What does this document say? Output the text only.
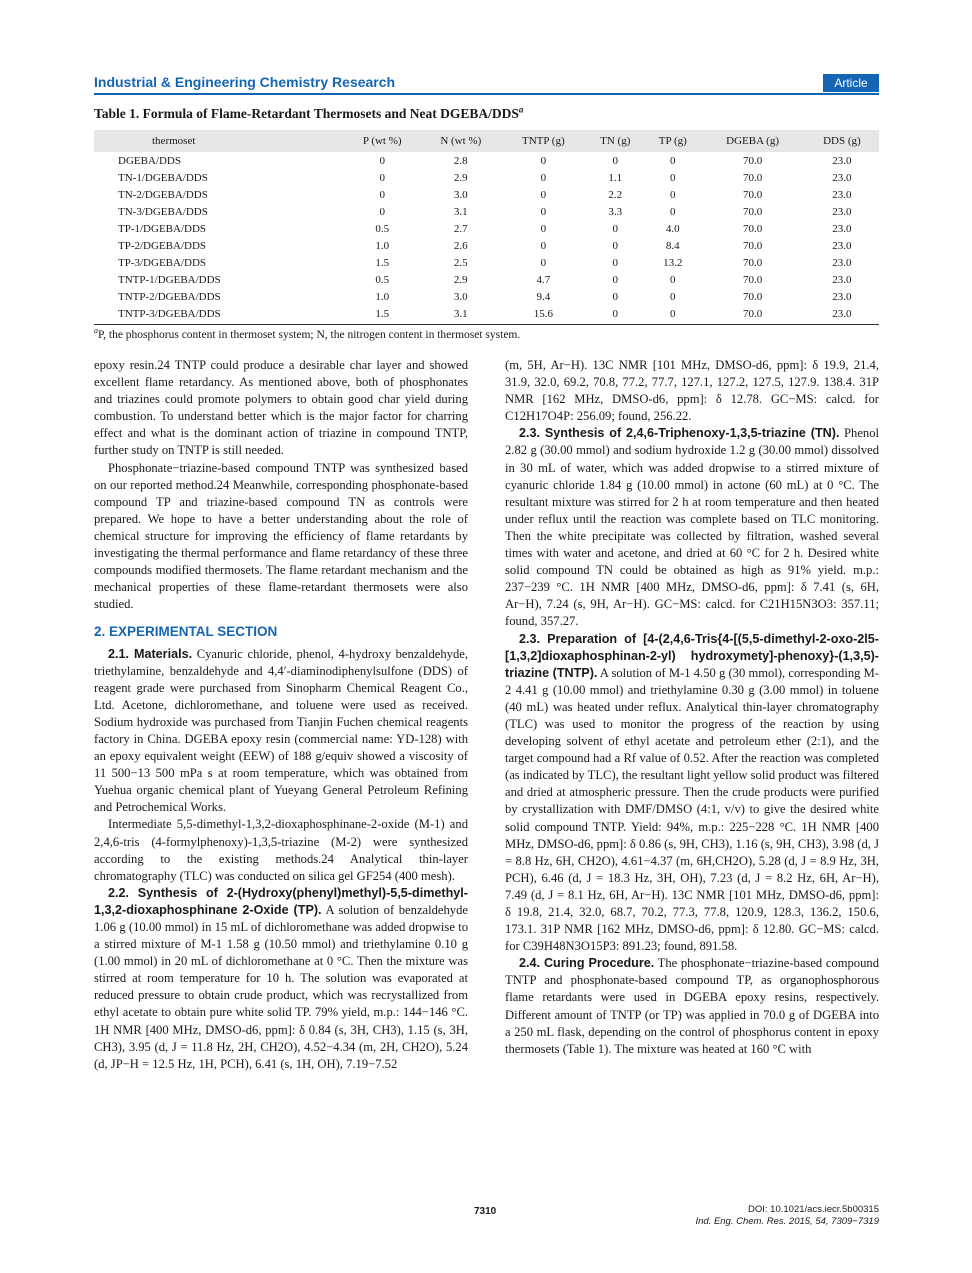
Industrial & Engineering Chemistry Research	Article
Table 1. Formula of Flame-Retardant Thermosets and Neat DGEBA/DDS$^a$
thermoset	P (wt %)	N (wt %)	TNTP (g)	TN (g)	TP (g)	DGEBA (g)	DDS (g)
DGEBA/DDS	0	2.8	0	0	0	70.0	23.0
TN-1/DGEBA/DDS	0	2.9	0	1.1	0	70.0	23.0
TN-2/DGEBA/DDS	0	3.0	0	2.2	0	70.0	23.0
TN-3/DGEBA/DDS	0	3.1	0	3.3	0	70.0	23.0
TP-1/DGEBA/DDS	0.5	2.7	0	0	4.0	70.0	23.0
TP-2/DGEBA/DDS	1.0	2.6	0	0	8.4	70.0	23.0
TP-3/DGEBA/DDS	1.5	2.5	0	0	13.2	70.0	23.0
TNTP-1/DGEBA/DDS	0.5	2.9	4.7	0	0	70.0	23.0
TNTP-2/DGEBA/DDS	1.0	3.0	9.4	0	0	70.0	23.0
TNTP-3/DGEBA/DDS	1.5	3.1	15.6	0	0	70.0	23.0
$^a$P, the phosphorus content in thermoset system; N, the nitrogen content in thermoset system.

epoxy resin.24 TNTP could produce a desirable char layer and showed excellent flame retardancy. As mentioned above, both of phosphonates and triazines could promote polymers to obtain good char yield during combustion. To understand better which is the major factor for charring effect and what is the dominant action of triazine in compound TNTP, further study on TNTP is still needed.

Phosphonate−triazine-based compound TNTP was synthesized based on our reported method.24 Meanwhile, corresponding phosphonate-based compound TP and triazine-based compound TN as controls were prepared. We hope to have a better understanding about the role of chemical structure for improving the efficiency of flame retardants by investigating the thermal performance and flame retardancy of these three compounds modified thermosets. The flame retardant mechanism and the mechanical properties of these flame-retardant thermosets were also studied.

2. EXPERIMENTAL SECTION

2.1. Materials. Cyanuric chloride, phenol, 4-hydroxy benzaldehyde, triethylamine, benzaldehyde and 4,4′-diaminodiphenylsulfone (DDS) of reagent grade were purchased from Sinopharm Chemical Reagent Co., Ltd. Acetone, dichloromethane, and toluene were used as received. Sodium hydroxide was purchased from Tianjin Fuchen chemical reagents factory in China. DGEBA epoxy resin (commercial name: YD-128) with an epoxy equivalent weight (EEW) of 188 g/equiv showed a viscosity of 11 500−13 500 mPa s at room temperature, which was obtained from Yuehua organic chemical plant of Yueyang General Petroleum Refining and Petrochemical Works.

Intermediate 5,5-dimethyl-1,3,2-dioxaphosphinane-2-oxide (M-1) and 2,4,6-tris (4-formylphenoxy)-1,3,5-triazine (M-2) were synthesized according to the existing methods.24 Analytical thin-layer chromatography (TLC) was conducted on silica gel GF254 (400 mesh).

2.2. Synthesis of 2-(Hydroxy(phenyl)methyl)-5,5-dimethyl-1,3,2-dioxaphosphinane 2-Oxide (TP). A solution of benzaldehyde 1.06 g (10.00 mmol) in 15 mL of dichloromethane was added dropwise to a stirred mixture of M-1 1.58 g (10.50 mmol) and triethylamine 0.10 g (1.00 mmol) in 20 mL of dichloromethane at 0 °C. Then the mixture was stirred at room temperature for 10 h. The solution was evaporated at reduced pressure to obtain crude product, which was recrystallized from ethyl acetate to obtain pure white solid TP. 79% yield, m.p.: 144−146 °C. 1H NMR [400 MHz, DMSO-d6, ppm]: δ 0.84 (s, 3H, CH3), 1.15 (s, 3H, CH3), 3.95 (d, J = 11.8 Hz, 2H, CH2O), 4.52−4.34 (m, 2H, CH2O), 5.24 (d, JP−H = 12.5 Hz, 1H, PCH), 6.41 (s, 1H, OH), 7.19−7.52

(m, 5H, Ar−H). 13C NMR [101 MHz, DMSO-d6, ppm]: δ 19.9, 21.4, 31.9, 32.0, 69.2, 70.8, 77.2, 77.7, 127.1, 127.2, 127.5, 127.9. 138.4. 31P NMR [162 MHz, DMSO-d6, ppm]: δ 12.78. GC−MS: calcd. for C12H17O4P: 256.09; found, 256.22.

2.3. Synthesis of 2,4,6-Triphenoxy-1,3,5-triazine (TN). Phenol 2.82 g (30.00 mmol) and sodium hydroxide 1.2 g (30.00 mmol) dissolved in 30 mL of water, which was added dropwise to a stirred mixture of cyanuric chloride 1.84 g (10.00 mmol) in actone (60 mL) at 0 °C. The resultant mixture was stirred for 2 h at room temperature and then heated under reflux until the reaction was complete based on TLC monitoring. Then the white precipitate was collected by filtration, washed several times with water and acetone, and dried at 60 °C for 2 h. Desired white solid compound TN could be obtained as high as 91% yield. m.p.: 237−239 °C. 1H NMR [400 MHz, DMSO-d6, ppm]: δ 7.41 (s, 6H, Ar−H), 7.24 (s, 9H, Ar−H). GC−MS: calcd. for C21H15N3O3: 357.11; found, 357.27.

2.3. Preparation of [4-(2,4,6-Tris{4-[(5,5-dimethyl-2-oxo-2l5-[1,3,2]dioxaphosphinan-2-yl) hydroxymety]-phenoxy}-(1,3,5)-triazine (TNTP). A solution of M-1 4.50 g (30 mmol), corresponding M-2 4.41 g (10.00 mmol) and triethylamine 0.30 g (3.00 mmol) in toluene (40 mL) was heated under reflux. Analytical thin-layer chromatography (TLC) was used to monitor the progress of the reaction by using developing solvent of ethyl acetate and petroleum ether (2:1), and the target compound had a Rf value of 0.52. After the reaction was completed (as indicated by TLC), the resultant light yellow solid product was filtered and dried at atmospheric pressure. Then the crude products were purified by crystallization with DMF/DMSO (4:1, v/v) to give the desired white solid compound TNTP. Yield: 94%, m.p.: 225−228 °C. 1H NMR [400 MHz, DMSO-d6, ppm]: δ 0.86 (s, 9H, CH3), 1.16 (s, 9H, CH3), 3.98 (d, J = 8.8 Hz, 6H, CH2O), 4.61−4.37 (m, 6H,CH2O), 5.28 (d, J = 8.9 Hz, 3H, PCH), 6.46 (d, J = 18.3 Hz, 3H, OH), 7.23 (d, J = 8.2 Hz, 6H, Ar−H), 7.49 (d, J = 8.1 Hz, 6H, Ar−H). 13C NMR [101 MHz, DMSO-d6, ppm]: δ 19.8, 21.4, 32.0, 68.7, 70.2, 77.3, 77.8, 120.9, 128.3, 136.2, 150.6, 173.1. 31P NMR [162 MHz, DMSO-d6, ppm]: δ 12.80. GC−MS: calcd. for C39H48N3O15P3: 891.23; found, 891.58.

2.4. Curing Procedure. The phosphonate−triazine-based compound TNTP and phosphonate-based compound TP, as organophosphorous flame retardants were used in DGEBA epoxy resins, respectively. Different amount of TNTP (or TP) was applied in 70.0 g of DGEBA into a 250 mL flask, depending on the control of phosphorus content in epoxy thermosets (Table 1). The mixture was heated at 160 °C with

7310	DOI: 10.1021/acs.iecr.5b00315
Ind. Eng. Chem. Res. 2015, 54, 7309−7319
